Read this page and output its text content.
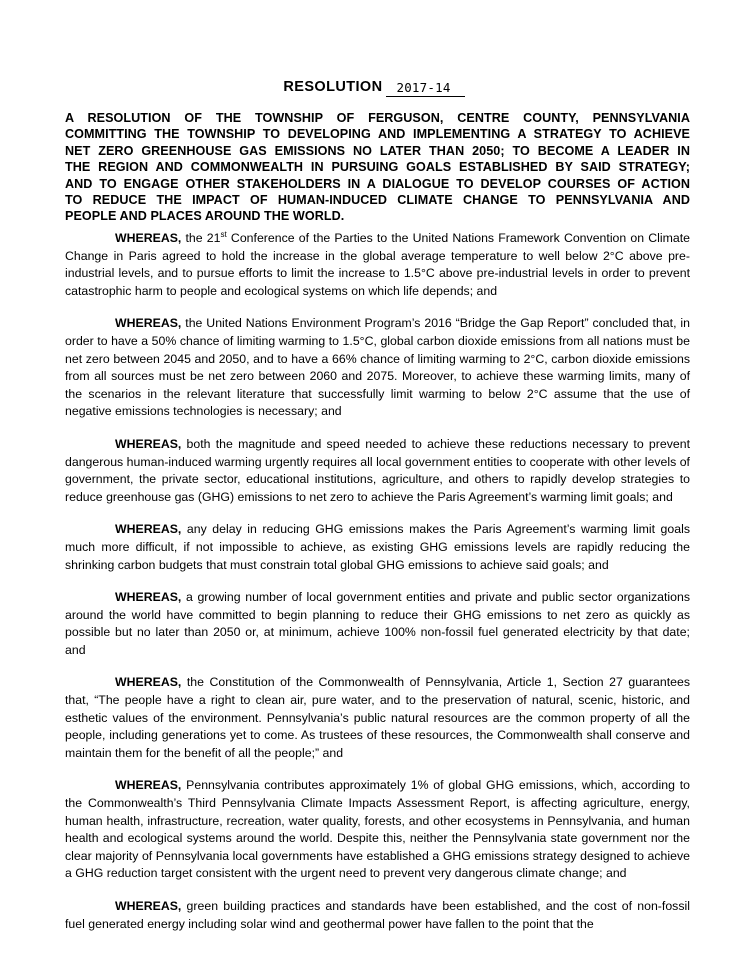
RESOLUTION 2017-14
A RESOLUTION OF THE TOWNSHIP OF FERGUSON, CENTRE COUNTY, PENNSYLVANIA
COMMITTING THE TOWNSHIP TO DEVELOPING AND IMPLEMENTING A STRATEGY TO ACHIEVE
NET ZERO GREENHOUSE GAS EMISSIONS NO LATER THAN 2050; TO BECOME A LEADER IN
THE REGION AND COMMONWEALTH IN PURSUING GOALS ESTABLISHED BY SAID STRATEGY;
AND TO ENGAGE OTHER STAKEHOLDERS IN A DIALOGUE TO DEVELOP COURSES OF ACTION
TO REDUCE THE IMPACT OF HUMAN-INDUCED CLIMATE CHANGE TO PENNSYLVANIA AND
PEOPLE AND PLACES AROUND THE WORLD.

WHEREAS, the 21st Conference of the Parties to the United Nations Framework Convention on Climate Change in Paris agreed to hold the increase in the global average temperature to well below 2°C above pre-industrial levels, and to pursue efforts to limit the increase to 1.5°C above pre-industrial levels in order to prevent catastrophic harm to people and ecological systems on which life depends; and

WHEREAS, the United Nations Environment Program’s 2016 “Bridge the Gap Report” concluded that, in order to have a 50% chance of limiting warming to 1.5°C, global carbon dioxide emissions from all nations must be net zero between 2045 and 2050, and to have a 66% chance of limiting warming to 2°C, carbon dioxide emissions from all sources must be net zero between 2060 and 2075. Moreover, to achieve these warming limits, many of the scenarios in the relevant literature that successfully limit warming to below 2°C assume that the use of negative emissions technologies is necessary; and

WHEREAS, both the magnitude and speed needed to achieve these reductions necessary to prevent dangerous human-induced warming urgently requires all local government entities to cooperate with other levels of government, the private sector, educational institutions, agriculture, and others to rapidly develop strategies to reduce greenhouse gas (GHG) emissions to net zero to achieve the Paris Agreement’s warming limit goals; and

WHEREAS, any delay in reducing GHG emissions makes the Paris Agreement’s warming limit goals much more difficult, if not impossible to achieve, as existing GHG emissions levels are rapidly reducing the shrinking carbon budgets that must constrain total global GHG emissions to achieve said goals; and

WHEREAS, a growing number of local government entities and private and public sector organizations around the world have committed to begin planning to reduce their GHG emissions to net zero as quickly as possible but no later than 2050 or, at minimum, achieve 100% non-fossil fuel generated electricity by that date; and

WHEREAS, the Constitution of the Commonwealth of Pennsylvania, Article 1, Section 27 guarantees that, “The people have a right to clean air, pure water, and to the preservation of natural, scenic, historic, and esthetic values of the environment. Pennsylvania’s public natural resources are the common property of all the people, including generations yet to come. As trustees of these resources, the Commonwealth shall conserve and maintain them for the benefit of all the people;” and

WHEREAS, Pennsylvania contributes approximately 1% of global GHG emissions, which, according to the Commonwealth’s Third Pennsylvania Climate Impacts Assessment Report, is affecting agriculture, energy, human health, infrastructure, recreation, water quality, forests, and other ecosystems in Pennsylvania, and human health and ecological systems around the world. Despite this, neither the Pennsylvania state government nor the clear majority of Pennsylvania local governments have established a GHG emissions strategy designed to achieve a GHG reduction target consistent with the urgent need to prevent very dangerous climate change; and

WHEREAS, green building practices and standards have been established, and the cost of non-fossil fuel generated energy including solar wind and geothermal power have fallen to the point that the
